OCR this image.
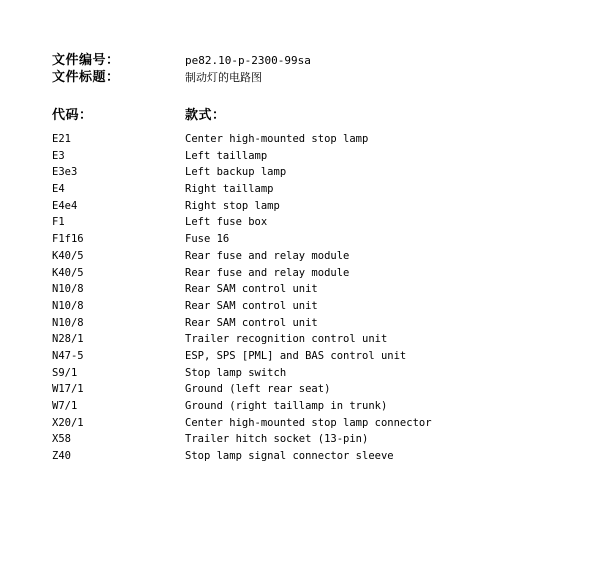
文件编号：	pe82.10-p-2300-99sa
文件标题：	制动灯的电路图
代码：	款式：
E21	Center high-mounted stop lamp
E3	Left taillamp
E3e3	Left backup lamp
E4	Right taillamp
E4e4	Right stop lamp
F1	Left fuse box
F1f16	Fuse 16
K40/5	Rear fuse and relay module
K40/5	Rear fuse and relay module
N10/8	Rear SAM control unit
N10/8	Rear SAM control unit
N10/8	Rear SAM control unit
N28/1	Trailer recognition control unit
N47-5	ESP, SPS [PML] and BAS control unit
S9/1	Stop lamp switch
W17/1	Ground (left rear seat)
W7/1	Ground (right taillamp in trunk)
X20/1	Center high-mounted stop lamp connector
X58	Trailer hitch socket (13-pin)
Z40	Stop lamp signal connector sleeve
